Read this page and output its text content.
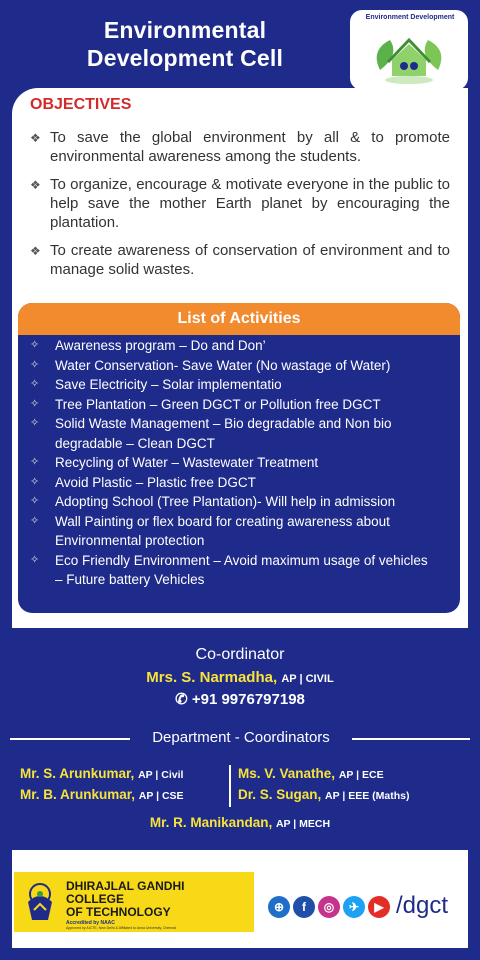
Environmental
Development Cell
Environment Development
OBJECTIVES
❖ To save the global environment by all & to promote environmental awareness among the students.
❖ To organize, encourage & motivate everyone in the public to help save the mother Earth planet by encouraging the plantation.
❖ To create awareness of conservation of environment and to manage solid wastes.
List of Activities
✧ Awareness program – Do and Don’
✧ Water Conservation- Save Water (No wastage of Water)
✧ Save Electricity – Solar implementatio
✧ Tree Plantation – Green DGCT or Pollution free DGCT
✧ Solid Waste Management – Bio degradable and Non bio
degradable – Clean DGCT
✧ Recycling of Water – Wastewater Treatment
✧ Avoid Plastic – Plastic free DGCT
✧ Adopting School (Tree Plantation)- Will help in admission
✧ Wall Painting or flex board for creating awareness about
Environmental protection
✧ Eco Friendly Environment – Avoid maximum usage of vehicles
– Future battery Vehicles
Co-ordinator
Mrs. S. Narmadha, AP | CIVIL
✆ +91 9976797198
Department - Coordinators
Mr. S. Arunkumar, AP | Civil
Mr. B. Arunkumar, AP | CSE
Ms. V. Vanathe, AP | ECE
Dr. S. Sugan, AP | EEE (Maths)
Mr. R. Manikandan, AP | MECH
DHIRAJLAL GANDHI
COLLEGE
OF TECHNOLOGY
Accredited by NAAC
Approved by AICTE, New Delhi & Affiliated to Anna University, Chennai
⊕	f	◎	✈	▶ /dgct
